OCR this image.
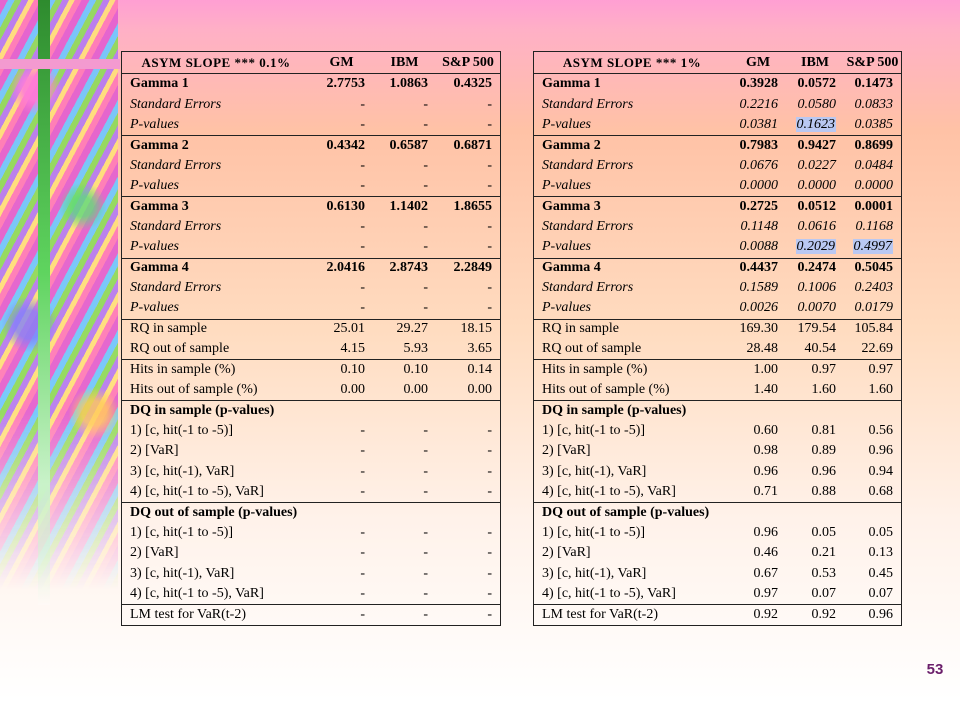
ASYM SLOPE *** 0.1%	GM	IBM	S&P 500
Gamma 1	2.7753	1.0863	0.4325
Standard Errors	-	-	-
P-values	-	-	-
Gamma 2	0.4342	0.6587	0.6871
Standard Errors	-	-	-
P-values	-	-	-
Gamma 3	0.6130	1.1402	1.8655
Standard Errors	-	-	-
P-values	-	-	-
Gamma 4	2.0416	2.8743	2.2849
Standard Errors	-	-	-
P-values	-	-	-
RQ in sample	25.01	29.27	18.15
RQ out of sample	4.15	5.93	3.65
Hits in sample (%)	0.10	0.10	0.14
Hits out of sample (%)	0.00	0.00	0.00
DQ in sample (p-values)
1) [c, hit(-1 to -5)]	-	-	-
2) [VaR]	-	-	-
3) [c, hit(-1), VaR]	-	-	-
4) [c, hit(-1 to -5), VaR]	-	-	-
DQ out of sample (p-values)
1) [c, hit(-1 to -5)]	-	-	-
2) [VaR]	-	-	-
3) [c, hit(-1), VaR]	-	-	-
4) [c, hit(-1 to -5), VaR]	-	-	-
LM test for VaR(t-2)	-	-	-
ASYM SLOPE *** 1%	GM	IBM	S&P 500
Gamma 1	0.3928	0.0572	0.1473
Standard Errors	0.2216	0.0580	0.0833
P-values	0.0381	0.1623	0.0385
Gamma 2	0.7983	0.9427	0.8699
Standard Errors	0.0676	0.0227	0.0484
P-values	0.0000	0.0000	0.0000
Gamma 3	0.2725	0.0512	0.0001
Standard Errors	0.1148	0.0616	0.1168
P-values	0.0088	0.2029	0.4997
Gamma 4	0.4437	0.2474	0.5045
Standard Errors	0.1589	0.1006	0.2403
P-values	0.0026	0.0070	0.0179
RQ in sample	169.30	179.54	105.84
RQ out of sample	28.48	40.54	22.69
Hits in sample (%)	1.00	0.97	0.97
Hits out of sample (%)	1.40	1.60	1.60
DQ in sample (p-values)
1) [c, hit(-1 to -5)]	0.60	0.81	0.56
2) [VaR]	0.98	0.89	0.96
3) [c, hit(-1), VaR]	0.96	0.96	0.94
4) [c, hit(-1 to -5), VaR]	0.71	0.88	0.68
DQ out of sample (p-values)
1) [c, hit(-1 to -5)]	0.96	0.05	0.05
2) [VaR]	0.46	0.21	0.13
3) [c, hit(-1), VaR]	0.67	0.53	0.45
4) [c, hit(-1 to -5), VaR]	0.97	0.07	0.07
LM test for VaR(t-2)	0.92	0.92	0.96
53
